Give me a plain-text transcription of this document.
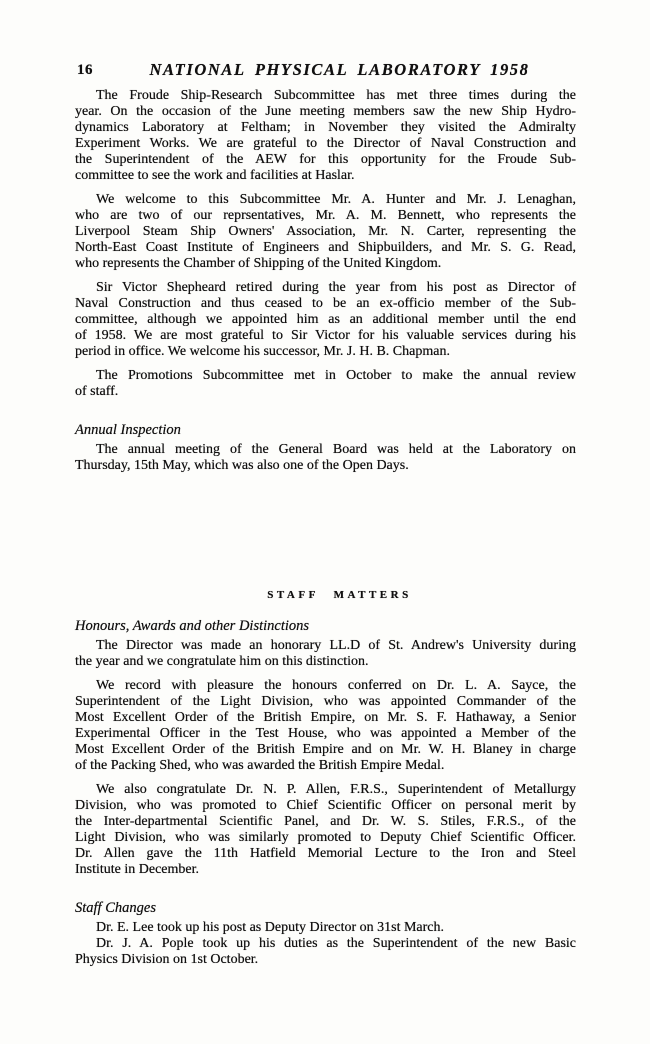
16	NATIONAL PHYSICAL LABORATORY 1958
The Froude Ship-Research Subcommittee has met three times during the
year. On the occasion of the June meeting members saw the new Ship Hydro-
dynamics Laboratory at Feltham; in November they visited the Admiralty
Experiment Works. We are grateful to the Director of Naval Construction and
the Superintendent of the AEW for this opportunity for the Froude Sub-
committee to see the work and facilities at Haslar.
We welcome to this Subcommittee Mr. A. Hunter and Mr. J. Lenaghan,
who are two of our reprsentatives, Mr. A. M. Bennett, who represents the
Liverpool Steam Ship Owners' Association, Mr. N. Carter, representing the
North-East Coast Institute of Engineers and Shipbuilders, and Mr. S. G. Read,
who represents the Chamber of Shipping of the United Kingdom.
Sir Victor Shepheard retired during the year from his post as Director of
Naval Construction and thus ceased to be an ex-officio member of the Sub-
committee, although we appointed him as an additional member until the end
of 1958. We are most grateful to Sir Victor for his valuable services during his
period in office. We welcome his successor, Mr. J. H. B. Chapman.
The Promotions Subcommittee met in October to make the annual review
of staff.
Annual Inspection
The annual meeting of the General Board was held at the Laboratory on
Thursday, 15th May, which was also one of the Open Days.
STAFF MATTERS
Honours, Awards and other Distinctions
The Director was made an honorary LL.D of St. Andrew's University during
the year and we congratulate him on this distinction.
We record with pleasure the honours conferred on Dr. L. A. Sayce, the
Superintendent of the Light Division, who was appointed Commander of the
Most Excellent Order of the British Empire, on Mr. S. F. Hathaway, a Senior
Experimental Officer in the Test House, who was appointed a Member of the
Most Excellent Order of the British Empire and on Mr. W. H. Blaney in charge
of the Packing Shed, who was awarded the British Empire Medal.
We also congratulate Dr. N. P. Allen, F.R.S., Superintendent of Metallurgy
Division, who was promoted to Chief Scientific Officer on personal merit by
the Inter-departmental Scientific Panel, and Dr. W. S. Stiles, F.R.S., of the
Light Division, who was similarly promoted to Deputy Chief Scientific Officer.
Dr. Allen gave the 11th Hatfield Memorial Lecture to the Iron and Steel
Institute in December.
Staff Changes
Dr. E. Lee took up his post as Deputy Director on 31st March.
Dr. J. A. Pople took up his duties as the Superintendent of the new Basic
Physics Division on 1st October.
